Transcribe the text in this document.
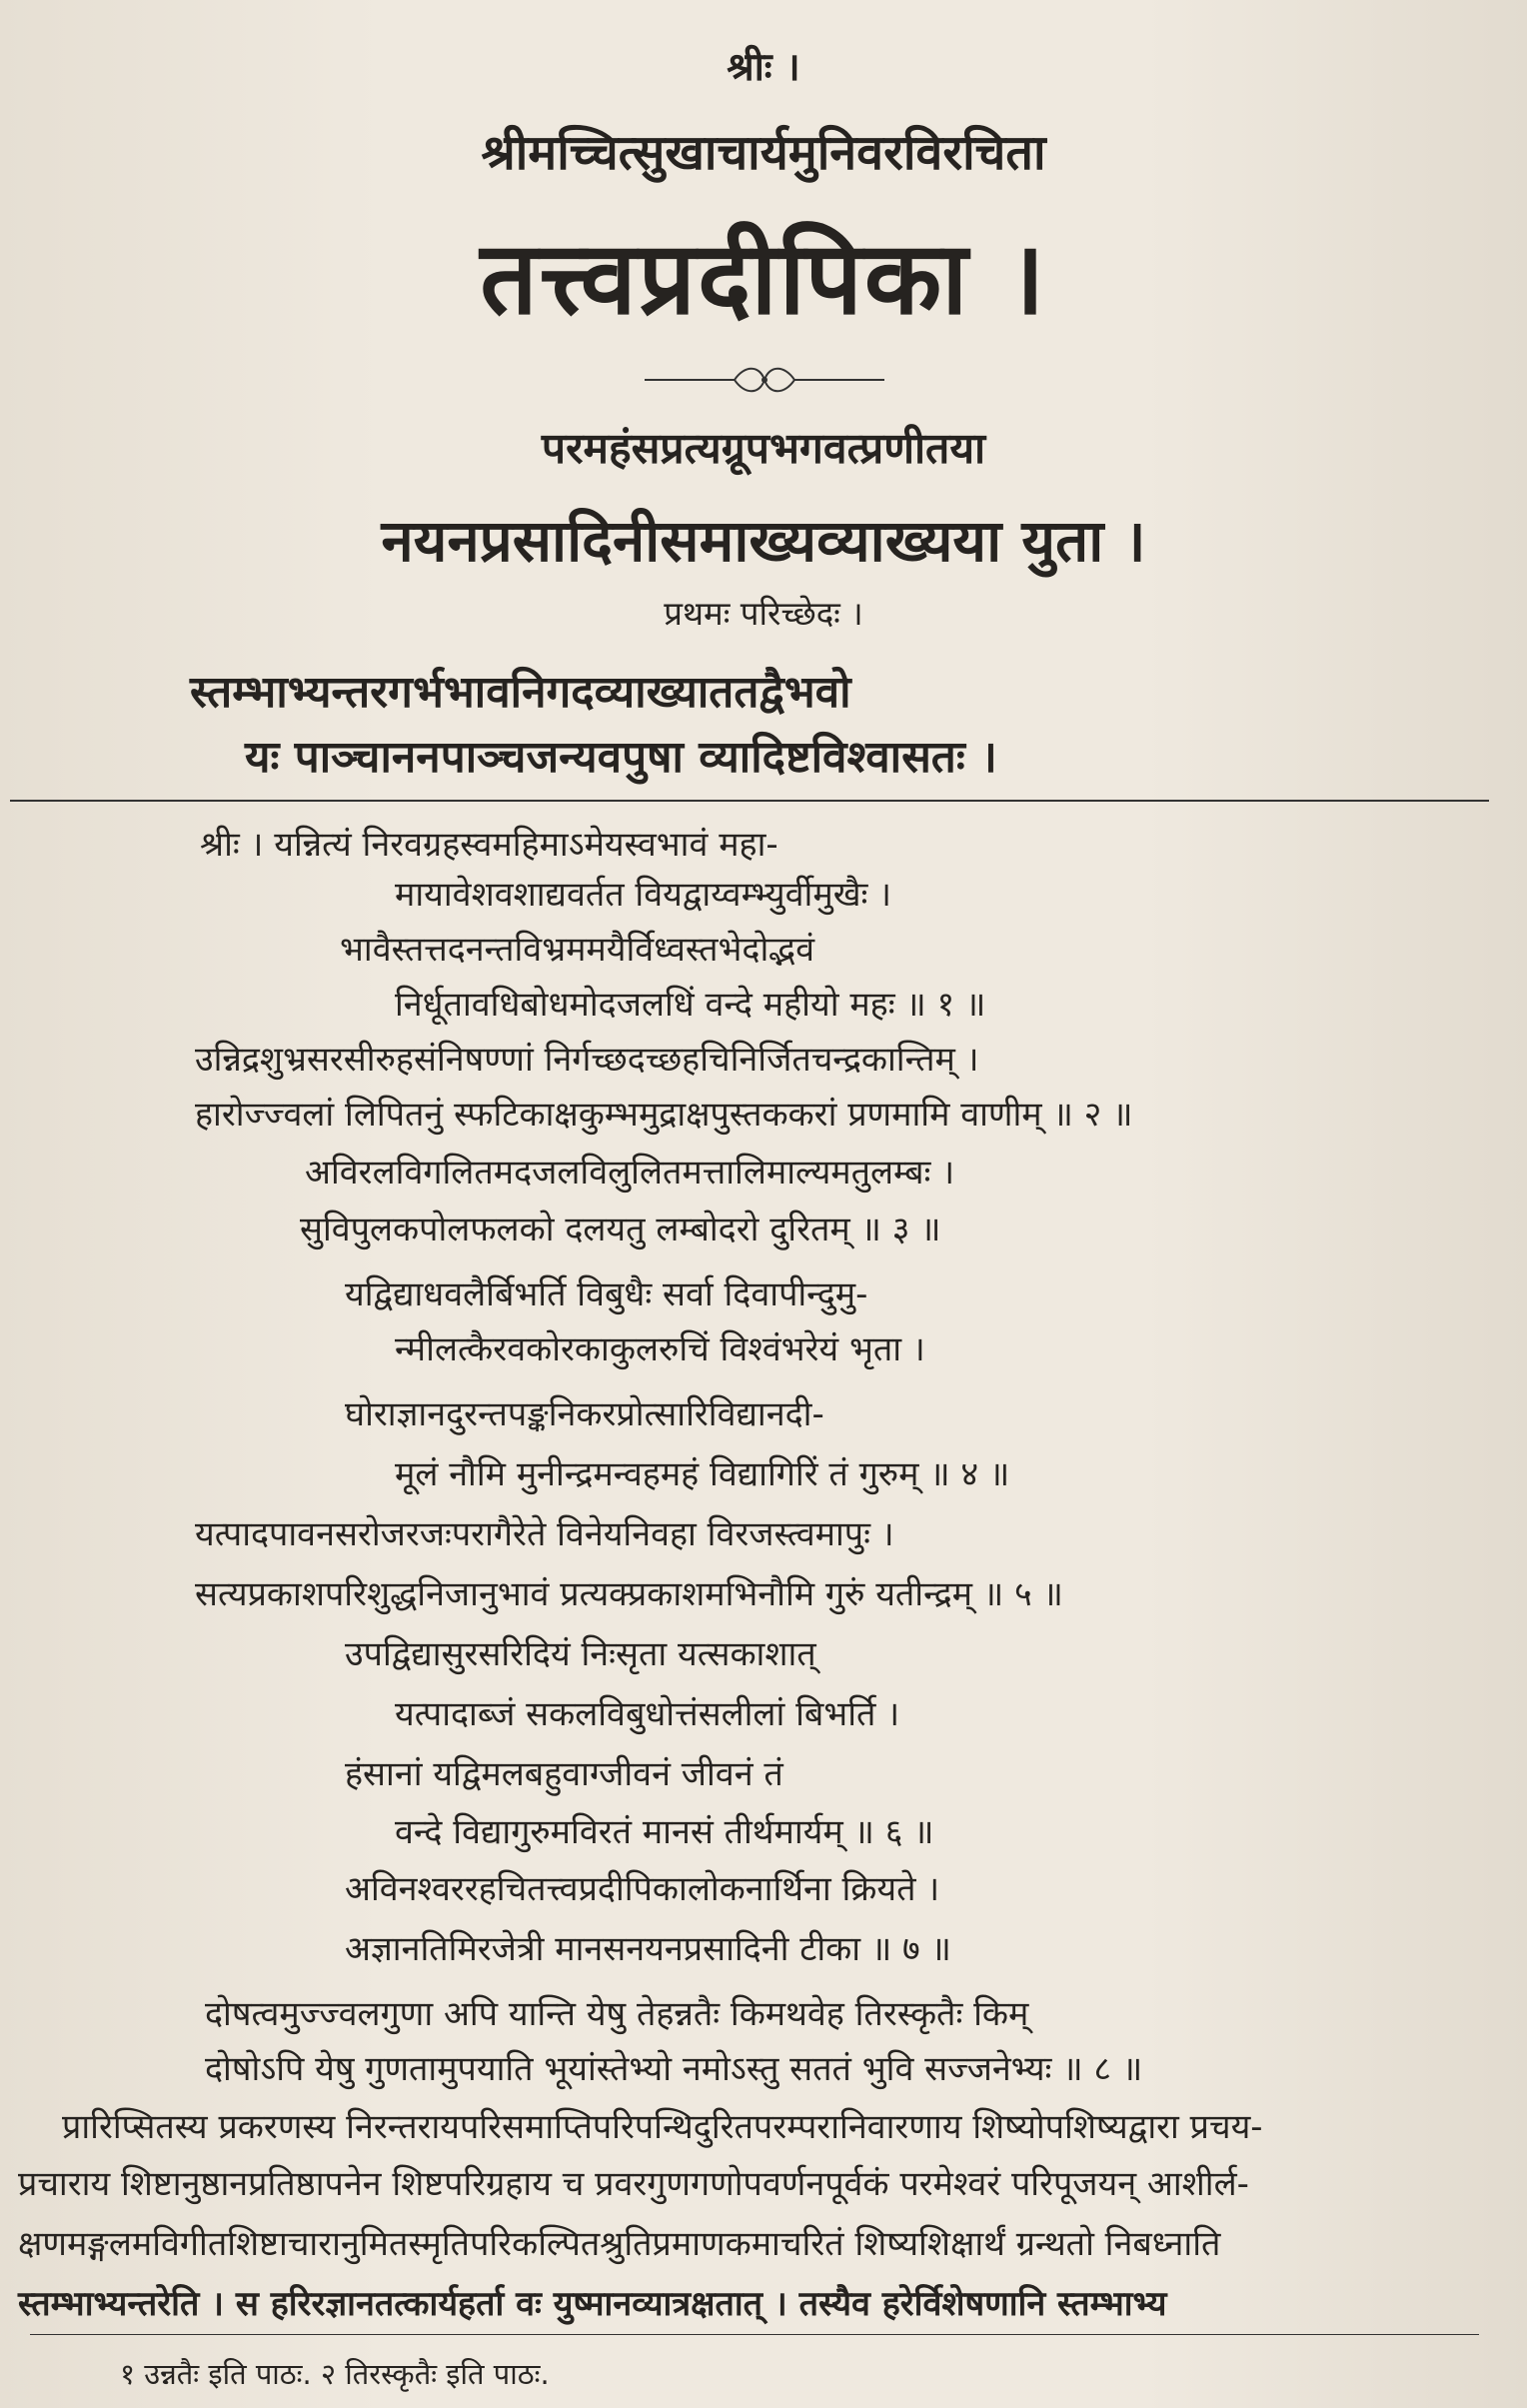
श्रीः ।
श्रीमच्चित्सुखाचार्यमुनिवरविरचिता
तत्त्वप्रदीपिका ।
परमहंसप्रत्यग्रूपभगवत्प्रणीतया
नयनप्रसादिनीसमाख्यव्याख्यया युता ।
प्रथमः परिच्छेदः ।
स्तम्भाभ्यन्तरगर्भभावनिगदव्याख्याततद्वैभवो
यः पाञ्चाननपाञ्चजन्यवपुषा व्यादिष्टविश्वासतः ।
श्रीः । यन्नित्यं निरवग्रहस्वमहिमाऽमेयस्वभावं महा-
मायावेशवशाद्यवर्तत वियद्वाय्वम्भ्युर्वीमुखैः ।
भावैस्तत्तदनन्तविभ्रममयैर्विध्वस्तभेदोद्भवं
निर्धूतावधिबोधमोदजलधिं वन्दे महीयो महः ॥ १ ॥
उन्निद्रशुभ्रसरसीरुहसंनिषण्णां निर्गच्छदच्छहचिनिर्जितचन्द्रकान्तिम् ।
हारोज्ज्वलां लिपितनुं स्फटिकाक्षकुम्भमुद्राक्षपुस्तककरां प्रणमामि वाणीम् ॥ २ ॥
अविरलविगलितमदजलविलुलितमत्तालिमाल्यमतुलम्बः ।
सुविपुलकपोलफलको दलयतु लम्बोदरो दुरितम् ॥ ३ ॥
यद्विद्याधवलैर्बिभर्ति विबुधैः सर्वा दिवापीन्दुमु-
न्मीलत्कैरवकोरकाकुलरुचिं विश्वंभरेयं भृता ।
घोराज्ञानदुरन्तपङ्कनिकरप्रोत्सारिविद्यानदी-
मूलं नौमि मुनीन्द्रमन्वहमहं विद्यागिरिं तं गुरुम् ॥ ४ ॥
यत्पादपावनसरोजरजःपरागैरेते विनेयनिवहा विरजस्त्वमापुः ।
सत्यप्रकाशपरिशुद्धनिजानुभावं प्रत्यक्प्रकाशमभिनौमि गुरुं यतीन्द्रम् ॥ ५ ॥
उपद्विद्यासुरसरिदियं निःसृता यत्सकाशात्
यत्पादाब्जं सकलविबुधोत्तंसलीलां बिभर्ति ।
हंसानां यद्विमलबहुवाग्जीवनं जीवनं तं
वन्दे विद्यागुरुमविरतं मानसं तीर्थमार्यम् ॥ ६ ॥
अविनश्वररहचितत्त्वप्रदीपिकालोकनार्थिना क्रियते ।
अज्ञानतिमिरजेत्री मानसनयनप्रसादिनी टीका ॥ ७ ॥
दोषत्वमुज्ज्वलगुणा अपि यान्ति येषु तेहन्नतैः किमथवेह तिरस्कृतैः किम्
दोषोऽपि येषु गुणतामुपयाति भूयांस्तेभ्यो नमोऽस्तु सततं भुवि सज्जनेभ्यः ॥ ८ ॥
प्रारिप्सितस्य प्रकरणस्य निरन्तरायपरिसमाप्तिपरिपन्थिदुरितपरम्परानिवारणाय शिष्योपशिष्यद्वारा प्रचय-
प्रचाराय शिष्टानुष्ठानप्रतिष्ठापनेन शिष्टपरिग्रहाय च प्रवरगुणगणोपवर्णनपूर्वकं परमेश्वरं परिपूजयन् आशीर्ल-
क्षणमङ्गलमविगीतशिष्टाचारानुमितस्मृतिपरिकल्पितश्रुतिप्रमाणकमाचरितं शिष्यशिक्षार्थं ग्रन्थतो निबध्नाति
स्तम्भाभ्यन्तरेति । स हरिरज्ञानतत्कार्यहर्ता वः युष्मानव्यात्रक्षतात् । तस्यैव हरेर्विशेषणानि स्तम्भाभ्य
१ उन्नतैः इति पाठः. २ तिरस्कृतैः इति पाठः.
